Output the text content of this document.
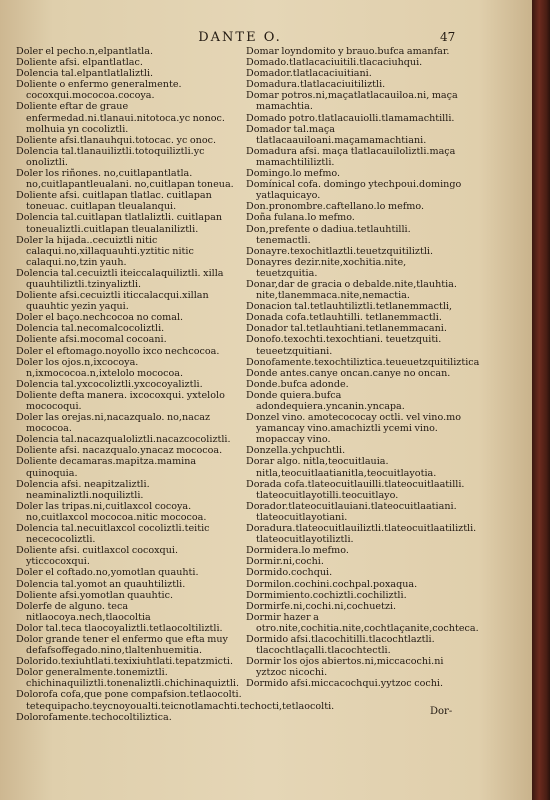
DANTE O.	47
Doler el pecho.n,elpantlatla.
Doliente afsi. elpantlatlac.
Dolencia tal.elpantlatlaliztli.
Doliente o enfermo generalmente. cocoxqui.mococoa.cocoya.
Doliente eftar de graue enfermedad.ni.tlanaui.nitotoca.yc nonoc. molhuia yn cocoliztli.
Doliente afsi.tlanauhqui.totocac. yc onoc.
Dolencia tal.tlanauiliztli.totoquiliztli.yc onoliztli.
Doler los riñones. no,cuitlapantlatla. no,cuitlapantleualani. no,cuitlapan toneua.
Doliente afsi. cuitlapan tlatlac. cuitlapan toneuac. cuitlapan tleualanqui.
Dolencia tal.cuitlapan tlatlaliztli. cuitlapan toneualiztli.cuitlapan tleualaniliztli.
Doler la hijada..cecuiztli nitic calaqui.no,xillaquauhti.yztitic nitic calaqui.no,tzin yauh.
Dolencia tal.cecuiztli iteiccalaquiliztli. xilla quauhtiliztli.tzinyaliztli.
Doliente afsi.cecuiztli iticcalacqui.xillan quauhtic yezin yaqui.
Doler el baço.nechcocoa no comal.
Dolencia tal.necomalcocoliztli.
Doliente afsi.mocomal cocoani.
Doler el eftomago.noyollo ixco nechcocoa.
Doler los ojos.n,ixcocoya. n,ixmococoa.n,ixtelolo mococoa.
Dolencia tal.yxcocoliztli.yxcocoyaliztli.
Doliente defta manera. ixcocoxqui. yxtelolo mococoqui.
Doler las orejas.ni,nacazqualo. no,nacaz mococoa.
Dolencia tal.nacazqualoliztli.nacazcocoliztli.
Doliente afsi. nacazqualo.ynacaz mococoa.
Doliente decamaras.mapitza.mamina quinoquia.
Dolencia afsi. neapitzaliztli. neaminaliztli.noquiliztli.
Doler las tripas.ni,cuitlaxcol cocoya. no,cuitlaxcol mococoa.nitic mococoa.
Dolencia tal.necuitlaxcol cocoliztli.teitic nececocoliztli.
Doliente afsi. cuitlaxcol cocoxqui. yticcocoxqui.
Doler el coftado.no,yomotlan quauhti.
Dolencia tal.yomot an quauhtiliztli.
Doliente afsi.yomotlan quauhtic.
Dolerfe de alguno. teca nitlaocoya.nech,tlaocoltia
Dolor tal.teca tlaocoyaliztli.tetlaocoltiliztli.
Dolor grande tener el enfermo que efta muy defafsoffegado.nino,tlaltenhuemitia.
Dolorido.texiuhtlati.texixiuhtlati.tepatzmicti.
Dolor generalmente.tonemiztli. chichinaquiliztli.tonenaliztli.chichinaquiztli.
Dolorofa cofa,que pone compafsion.tetlaocolti. tetequipacho.teycnoyoualti.teicnotlamachti.techocti,tetlaocolti.
Dolorofamente.techocoltiliztica.
Domar loyndomito y brauo.bufca amanfar.
Domado.tlatlacaciuitili.tlacaciuhqui.
Domador.tlatlacaciuitiani.
Domadura.tlatlacaciuitiliztli.
Domar potros.ni,maçatlatlacauiloa.ni, maça mamachtia.
Domado potro.tlatlacauiolli.tlamamachtilli.
Domador tal.maça tlatlacaauiloani.maçamamachtiani.
Domadura afsi. maça tlatlacauiloliztli.maça mamachtililiztli.
Domingo.lo mefmo.
Domínical cofa. domingo ytechpoui.domingo yatlaquicayo.
Don.pronombre.caftellano.lo mefmo.
Doña fulana.lo mefmo.
Don,prefente o dadiua.tetlauhtilli. tenemactli.
Donayre.texochitlaztli.teuetzquitiliztli.
Donayres dezir.nite,xochitia.nite, teuetzquitia.
Donar,dar de gracia o debalde.nite,tlauhtia. nite,tlanemmaca.nite,nemactia.
Donacion tal.tetlauhtiliztli.tetlanemmactli,
Donada cofa.tetlauhtilli. tetlanemmactli.
Donador tal.tetlauhtiani.tetlanemmacani.
Donofo.texochti.texochtiani. teuetzquiti. teueetzquitiani.
Donofamente.texochtiliztica.teueuetzquitiliztica
Donde antes.canye oncan.canye no oncan.
Donde.bufca adonde.
Donde quiera.bufca adondequiera.yncanin.yncapa.
Donzel vino. amotecococay octli. vel vino.mo yamancay vino.amachiztli ycemi vino. mopaccay vino.
Donzella.ychpuchtli.
Dorar algo. nitla,teocuitlauia. nitla,teocuitlaatianitla,teocuitlayotia.
Dorada cofa.tlateocuitlauilli.tlateocuitlaatilli. tlateocuitlayotilli.teocuitlayo.
Dorador.tlateocuitlauiani.tlateocuitlaatiani. tlateocuitlayotiani.
Doradura.tlateocuitlauiliztli.tlateocuitlaatiliztli. tlateocuitlayotiliztli.
Dormidera.lo mefmo.
Dormir.ni,cochi.
Dormido.cochqui.
Dormilon.cochini.cochpal.poxaqua.
Dormimiento.cochiztli.cochiliztli.
Dormirfe.ni,cochi.ni,cochuetzi.
Dormir hazer a otro.nite,cochitia.nite,cochtlaçanite,cochteca.
Dormido afsi.tlacochitilli.tlacochtlaztli. tlacochtlaçalli.tlacochtectli.
Dormir los ojos abiertos.ni,miccacochi.ni yztzoc nicochi.
Dormido afsi.miccacochqui.yytzoc cochi.
Dor-
